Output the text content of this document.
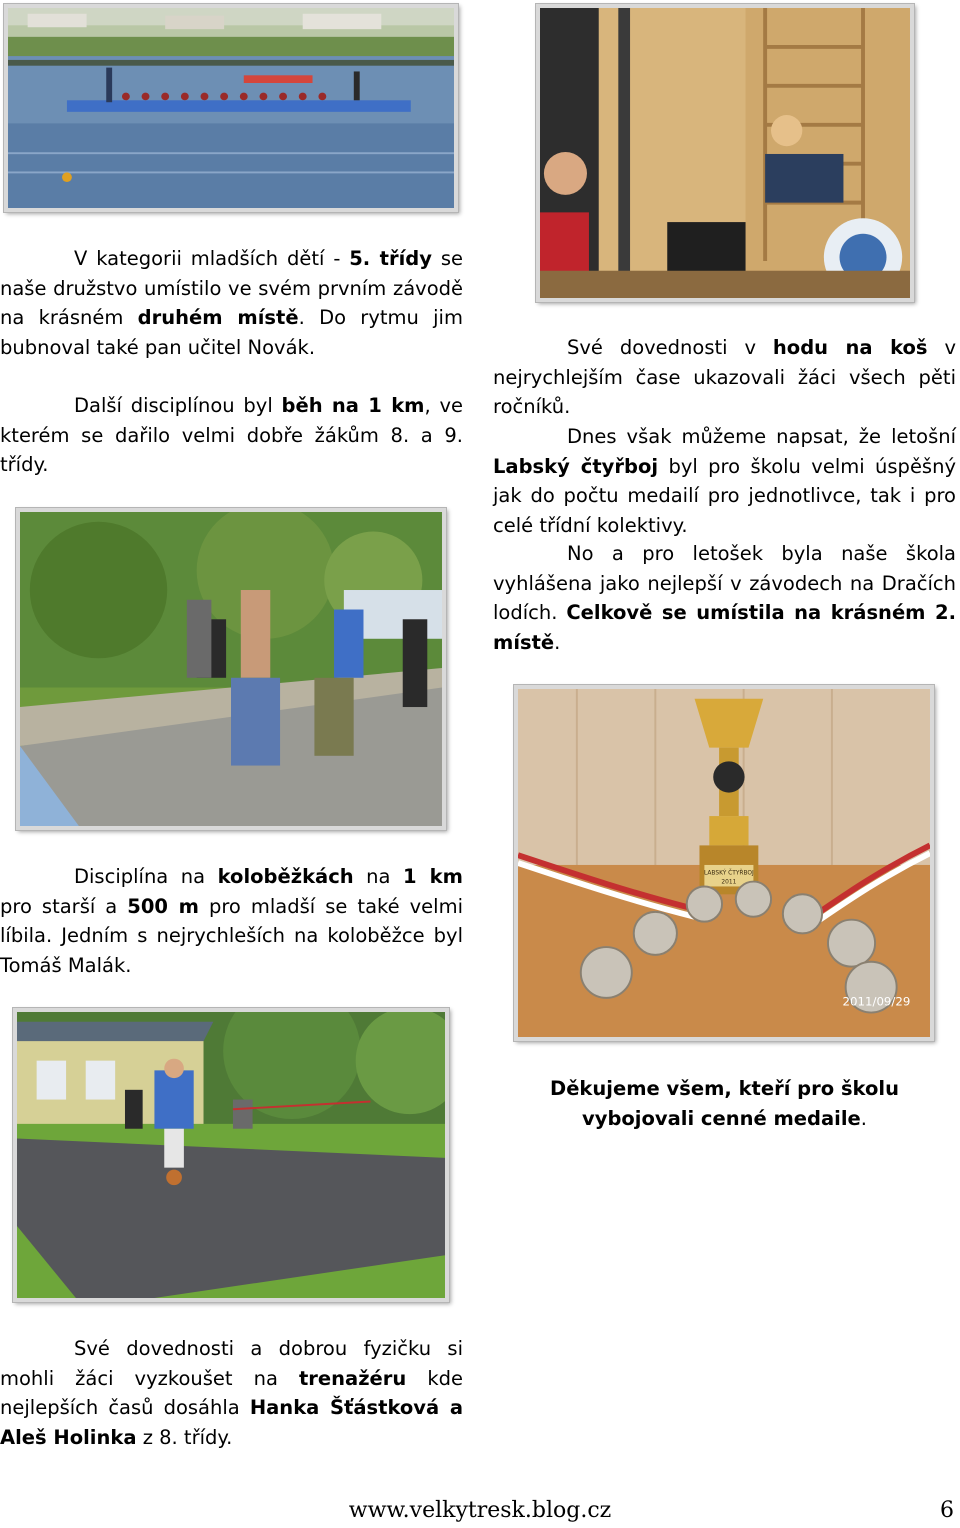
V kategorii mladších dětí - 5. třídy se naše družstvo umístilo ve svém prvním závodě na krásném druhém místě. Do rytmu jim bubnoval také pan učitel Novák.

Další disciplínou byl běh na 1 km, ve kterém se dařilo velmi dobře žákům 8. a 9. třídy.

Své dovednosti v hodu na koš v nejrychlejším čase ukazovali žáci všech pěti ročníků.

Dnes však můžeme napsat, že letošní Labský čtyřboj byl pro školu velmi úspěšný jak do počtu medailí pro jednotlivce, tak i pro celé třídní kolektivy.

No a pro letošek byla naše škola vyhlášena jako nejlepší v závodech na Dračích lodích. Celkově se umístila na krásném 2. místě.

LABSKÝ ČTYŘBOJ
2011
2011/09/29

Disciplína na koloběžkách na 1 km pro starší a 500 m pro mladší se také velmi líbila. Jedním s nejrychleších na koloběžce byl Tomáš Malák.

Děkujeme všem, kteří pro školu vybojovali cenné medaile.

Své dovednosti a dobrou fyzičku si mohli žáci vyzkoušet na trenažéru kde nejlepších časů dosáhla Hanka Šťástková a Aleš Holinka z 8. třídy.

www.velkytresk.blog.cz	6
